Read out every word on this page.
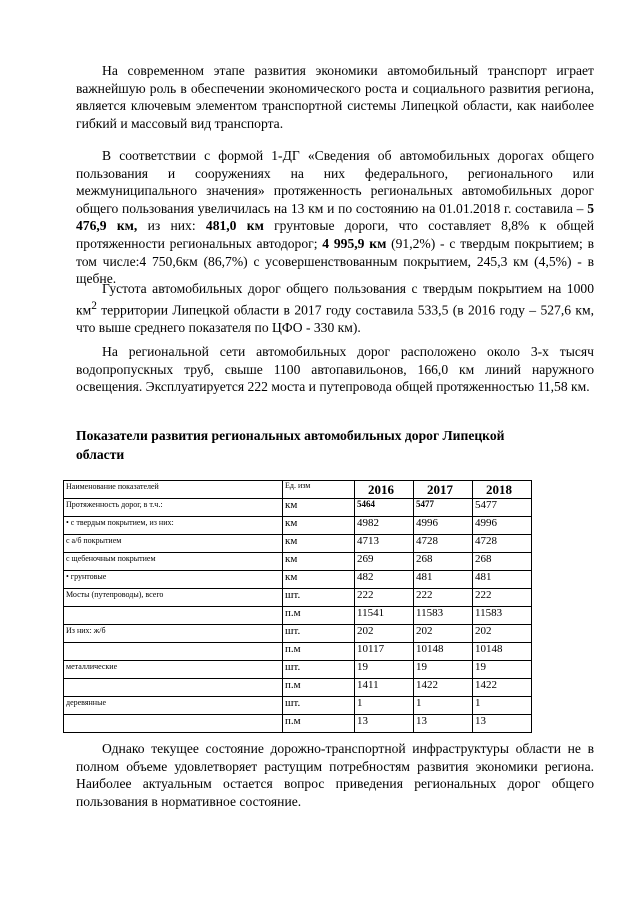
На современном этапе развития экономики автомобильный транспорт играет важнейшую роль в обеспечении экономического роста и социального развития региона, является ключевым элементом транспортной системы Липецкой области, как наиболее гибкий и массовый вид транспорта.

В соответствии с формой 1-ДГ «Сведения об автомобильных дорогах общего пользования и сооружениях на них федерального, регионального или межмуниципального значения» протяженность региональных автомобильных дорог общего пользования увеличилась на 13 км и по состоянию на 01.01.2018 г. составила – 5 476,9 км, из них: 481,0 км грунтовые дороги, что составляет 8,8% к общей протяженности региональных автодорог; 4 995,9 км (91,2%) - с твердым покрытием; в том числе:4 750,6км (86,7%) с усовершенствованным покрытием, 245,3 км (4,5%) - в щебне.

Густота автомобильных дорог общего пользования с твердым покрытием на 1000 $км^2$ территории Липецкой области в 2017 году составила 533,5 (в 2016 году – 527,6 км, что выше среднего показателя по ЦФО - 330 км).

На региональной сети автомобильных дорог расположено около 3-х тысяч водопропускных труб, свыше 1100 автопавильонов, 166,0 км линий наружного освещения. Эксплуатируется 222 моста и путепровода общей протяженностью 11,58 км.

Показатели развития региональных автомобильных дорог Липецкой области

Наименование показателей	Ед. изм	2016	2017	2018
Протяженность дорог, в т.ч.:	км	5464	5477	5477
• с твердым покрытием, из них:	км	4982	4996	4996
с а/б покрытием	км	4713	4728	4728
с щебеночным покрытием	км	269	268	268
• грунтовые	км	482	481	481
Мосты (путепроводы), всего	шт.	222	222	222
	п.м	11541	11583	11583
Из них: ж/б	шт.	202	202	202
	п.м	10117	10148	10148
металлические	шт.	19	19	19
	п.м	1411	1422	1422
деревянные	шт.	1	1	1
	п.м	13	13	13

Однако текущее состояние дорожно-транспортной инфраструктуры области не в полном объеме удовлетворяет растущим потребностям развития экономики региона. Наиболее актуальным остается вопрос приведения региональных дорог общего пользования в нормативное состояние.
